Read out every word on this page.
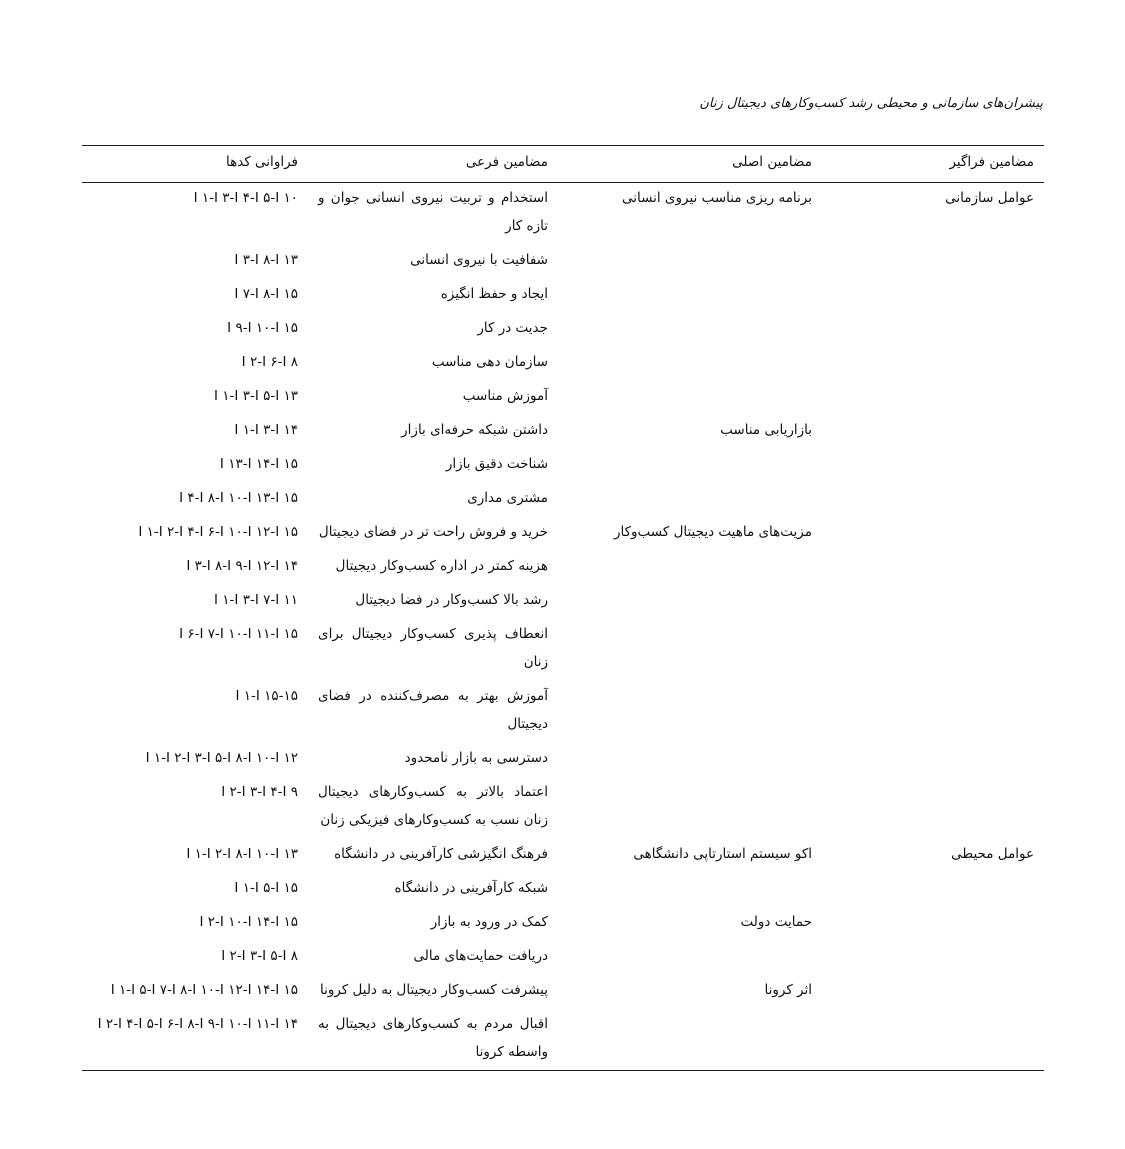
پیشران‌های سازمانی و محیطی رشد کسب‌وکارهای دیجیتال زنان
مضامین فراگیر	مضامین اصلی	مضامین فرعی	فراوانی کدها
عوامل سازمانی	برنامه ریزی مناسب نیروی انسانی	استخدام و تربیت نیروی انسانی جوان و تازه کار	I ۱-I ۳-I ۴-I ۵-I ۱۰
		شفافیت با نیروی انسانی	I ۳-I ۸-I ۱۳
		ایجاد و حفظ انگیزه	I ۷-I ۸-I ۱۵
		جدیت در کار	I ۹-I ۱۰-I ۱۵
		سازمان دهی مناسب	I ۲-I ۶-I ۸
		آموزش مناسب	I ۱-I ۳-I ۵-I ۱۳
	بازاریابی مناسب	داشتن شبکه حرفه‌ای بازار	I ۱-I ۳-I ۱۴
		شناخت دقیق بازار	I ۱۳-I ۱۴-I ۱۵
		مشتری مداری	I ۴-I ۸-I ۱۰-I ۱۳-I ۱۵
	مزیت‌های ماهیت دیجیتال کسب‌وکار	خرید و فروش راحت تر در فضای دیجیتال	I ۱-I ۲-I ۴-I ۶-I ۱۰-I ۱۲-I ۱۵
		هزینه کمتر در اداره کسب‌وکار دیجیتال	I ۳-I ۸-I ۹-I ۱۲-I ۱۴
		رشد بالا کسب‌وکار در فضا دیجیتال	I ۱-I ۳-I ۷-I ۱۱
		انعطاف پذیری کسب‌وکار دیجیتال برای زنان	I ۶-I ۷-I ۱۰-I ۱۱-I ۱۵
		آموزش بهتر به مصرف‌کننده در فضای دیجیتال	I ۱-I ۱۵-۱۵
		دسترسی به بازار نامحدود	I ۱-I ۲-I ۳-I ۵-I ۸-I ۱۰-I ۱۲
		اعتماد بالاتر به کسب‌وکارهای دیجیتال زنان نسب به کسب‌وکارهای فیزیکی زنان	I ۲-I ۳-I ۴-I ۹
عوامل محیطی	اکو سیستم استارتاپی دانشگاهی	فرهنگ انگیزشی کارآفرینی در دانشگاه	I ۱-I ۲-I ۸-I ۱۰-I ۱۳
		شبکه کارآفرینی در دانشگاه	I ۱-I ۵-I ۱۵
	حمایت دولت	کمک در ورود به بازار	I ۲-I ۱۰-I ۱۴-I ۱۵
		دریافت حمایت‌های مالی	I ۲-I ۳-I ۵-I ۸
	اثر کرونا	پیشرفت کسب‌وکار دیجیتال به دلیل کرونا	I ۱-I ۵-I ۷-I ۸-I ۱۰-I ۱۲-I ۱۴-I ۱۵
		اقبال مردم به کسب‌وکارهای دیجیتال به واسطه کرونا	I ۲-I ۴-I ۵-I ۶-I ۸-I ۹-I ۱۰-I ۱۱-I ۱۴
